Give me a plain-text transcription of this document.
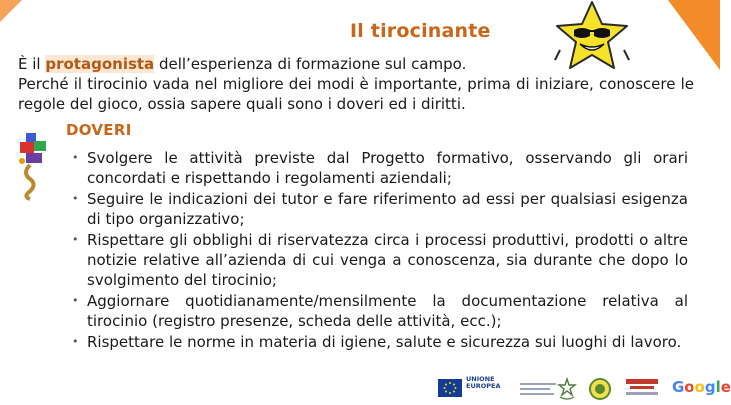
Il tirocinante

È il protagonista dell’esperienza di formazione sul campo.

Perché il tirocinio vada nel migliore dei modi è importante, prima di iniziare, conoscere le regole del gioco, ossia sapere quali sono i doveri ed i diritti.

DOVERI
• Svolgere le attività previste dal Progetto formativo, osservando gli orari concordati e rispettando i regolamenti aziendali;
• Seguire le indicazioni dei tutor e fare riferimento ad essi per qualsiasi esigenza di tipo organizzativo;
• Rispettare gli obblighi di riservatezza circa i processi produttivi, prodotti o altre notizie relative all’azienda di cui venga a conoscenza, sia durante che dopo lo svolgimento del tirocinio;
• Aggiornare quotidianamente/mensilmente la documentazione relativa al tirocinio (registro presenze, scheda delle attività, ecc.);
• Rispettare le norme in materia di igiene, salute e sicurezza sui luoghi di lavoro.
UNIONE EUROPEA	Google
